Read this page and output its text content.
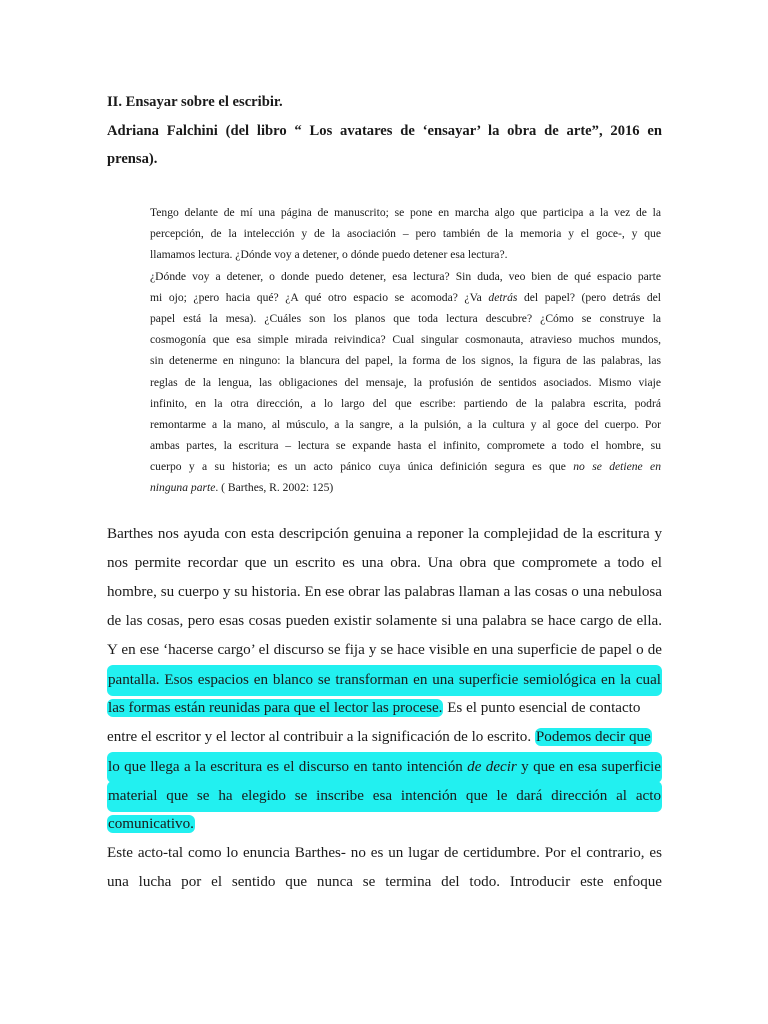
II. Ensayar sobre el escribir.
Adriana Falchini (del libro “ Los avatares de ‘ensayar’ la obra de arte”, 2016 en
prensa).
Tengo delante de mí una página de manuscrito; se pone en marcha algo que participa a la vez de la
percepción, de la intelección y de la asociación – pero también de la memoria y el goce-, y que
llamamos lectura. ¿Dónde voy a detener, o dónde puedo detener esa lectura?.
¿Dónde voy a detener, o donde puedo detener, esa lectura? Sin duda, veo bien de qué espacio parte
mi ojo; ¿pero hacia qué? ¿A qué otro espacio se acomoda? ¿Va detrás del papel? (pero detrás del
papel está la mesa). ¿Cuáles son los planos que toda lectura descubre? ¿Cómo se construye la
cosmogonía que esa simple mirada reivindica? Cual singular cosmonauta, atravieso muchos mundos,
sin detenerme en ninguno: la blancura del papel, la forma de los signos, la figura de las palabras, las
reglas de la lengua, las obligaciones del mensaje, la profusión de sentidos asociados. Mismo viaje
infinito, en la otra dirección, a lo largo del que escribe: partiendo de la palabra escrita, podrá
remontarme a la mano, al músculo, a la sangre, a la pulsión, a la cultura y al goce del cuerpo. Por
ambas partes, la escritura – lectura se expande hasta el infinito, compromete a todo el hombre, su
cuerpo y a su historia; es un acto pánico cuya única definición segura es que no se detiene en
ninguna parte. ( Barthes, R. 2002: 125)
Barthes nos ayuda con esta descripción genuina a reponer la complejidad de la escritura y
nos permite recordar que un escrito es una obra. Una obra que compromete a todo el
hombre, su cuerpo y su historia. En ese obrar las palabras llaman a las cosas o una nebulosa
de las cosas, pero esas cosas pueden existir solamente si una palabra se hace cargo de ella.
Y en ese ‘hacerse cargo’ el discurso se fija y se hace visible en una superficie de papel o de
pantalla. Esos espacios en blanco se transforman en una superficie semiológica en la cual
las formas están reunidas para que el lector las procese. Es el punto esencial de contacto
entre el escritor y el lector al contribuir a la significación de lo escrito. Podemos decir que
lo que llega a la escritura es el discurso en tanto intención de decir y que en esa superficie
material que se ha elegido se inscribe esa intención que le dará dirección al acto
comunicativo.
Este acto-tal como lo enuncia Barthes- no es un lugar de certidumbre. Por el contrario, es
una lucha por el sentido que nunca se termina del todo. Introducir este enfoque
